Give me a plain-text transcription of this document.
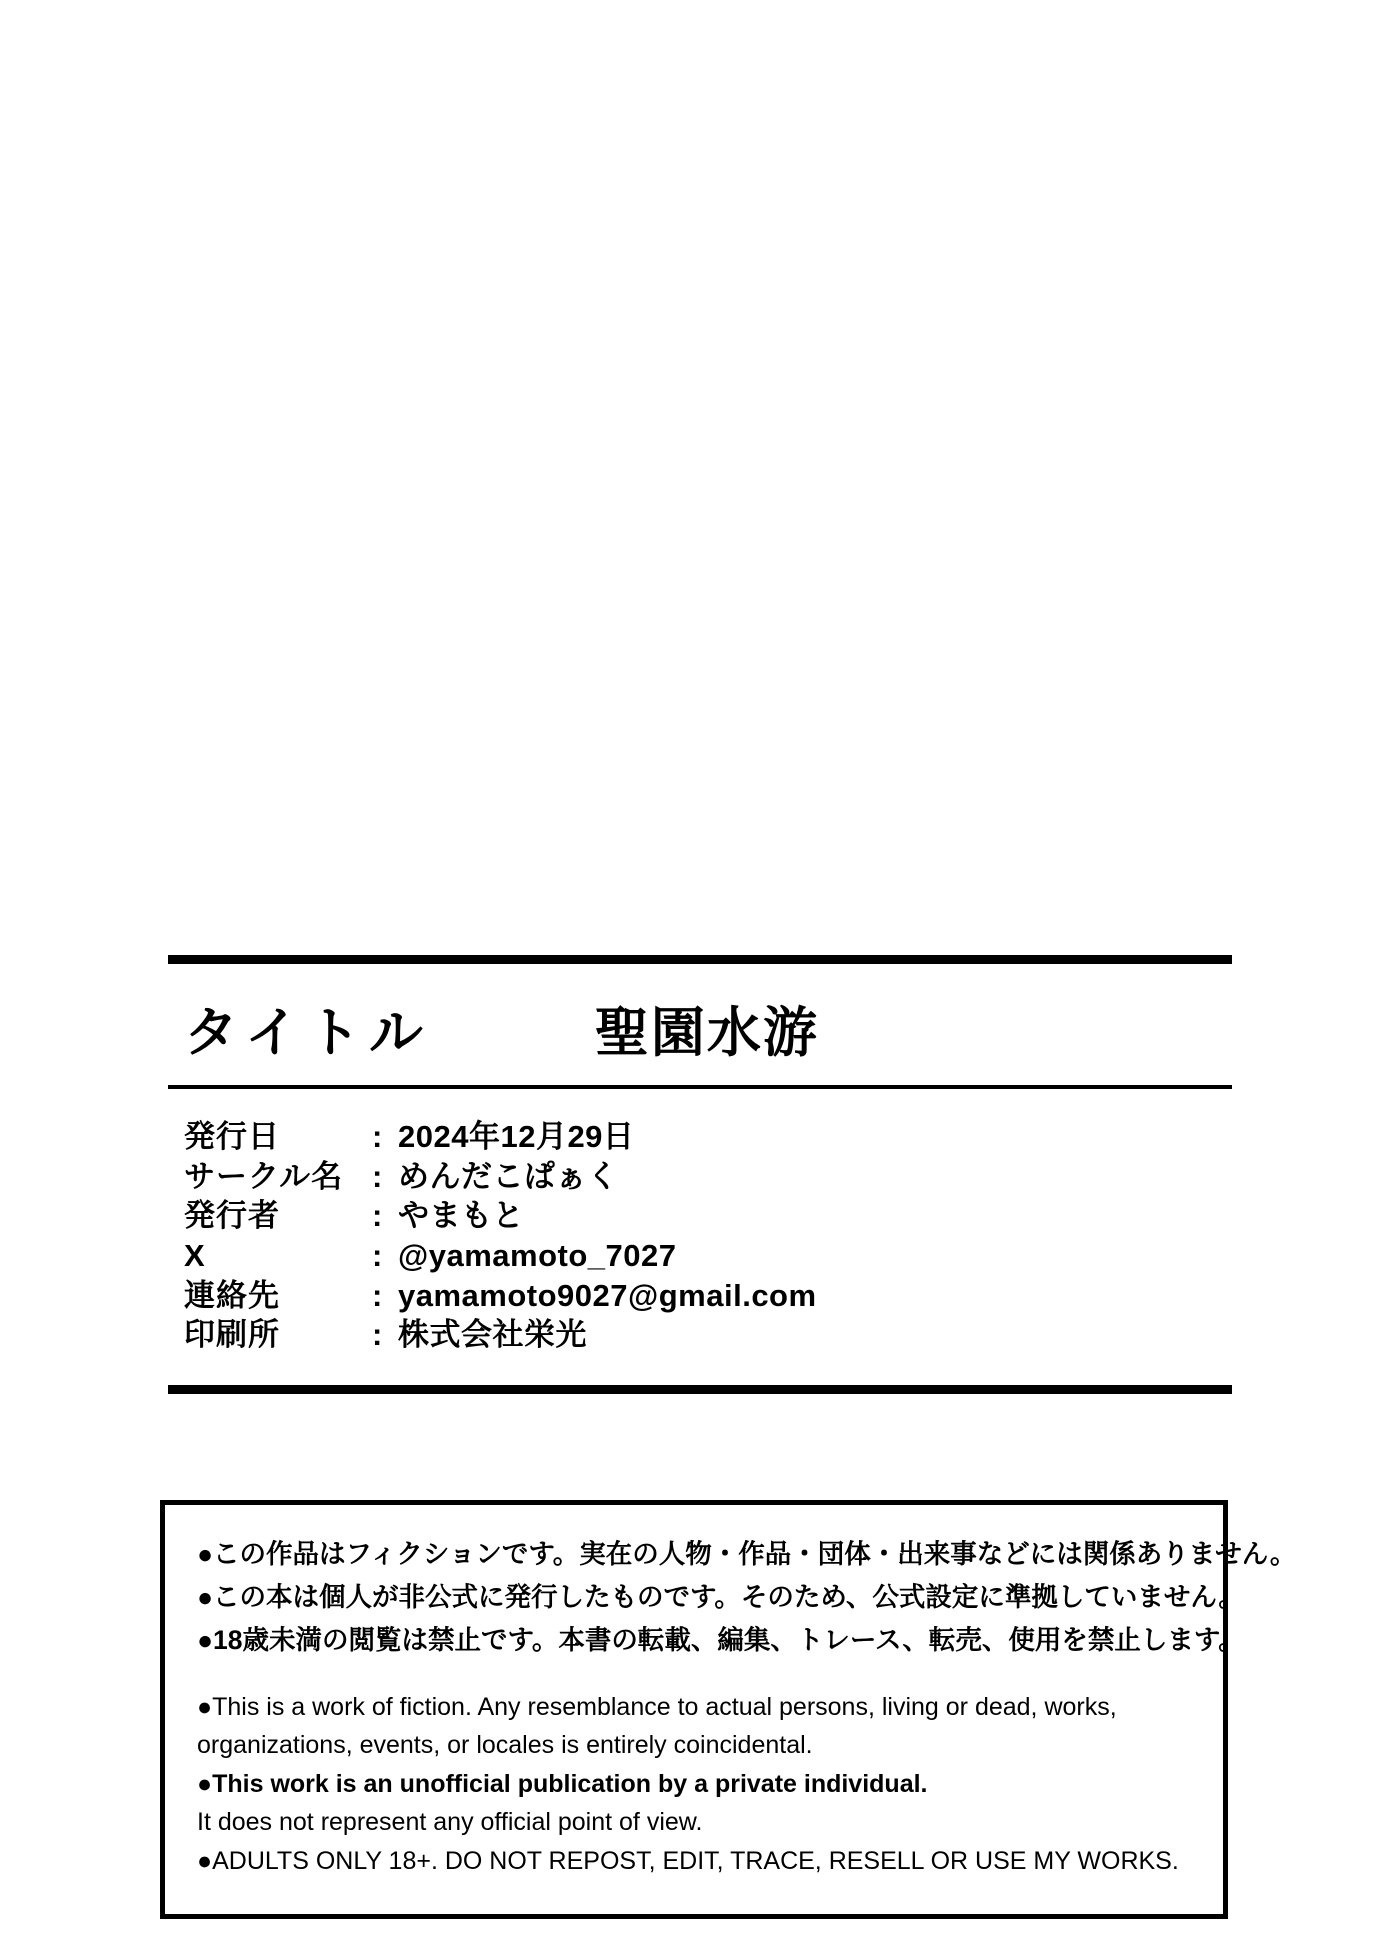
タイトル	聖園水游
発行日	: 2024年12月29日
サークル名 : めんだこぱぁく
発行者	: やまもと
X	: @yamamoto_7027
連絡先	: yamamoto9027@gmail.com
印刷所	: 株式会社栄光
●この作品はフィクションです。実在の人物・作品・団体・出来事などには関係ありません。
●この本は個人が非公式に発行したものです。そのため、公式設定に準拠していません。
●18歳未満の閲覧は禁止です。本書の転載、編集、トレース、転売、使用を禁止します。
●This is a work of fiction. Any resemblance to actual persons, living or dead, works,
organizations, events, or locales is entirely coincidental.
●This work is an unofficial publication by a private individual.
It does not represent any official point of view.
●ADULTS ONLY 18+. DO NOT REPOST, EDIT, TRACE, RESELL OR USE MY WORKS.
